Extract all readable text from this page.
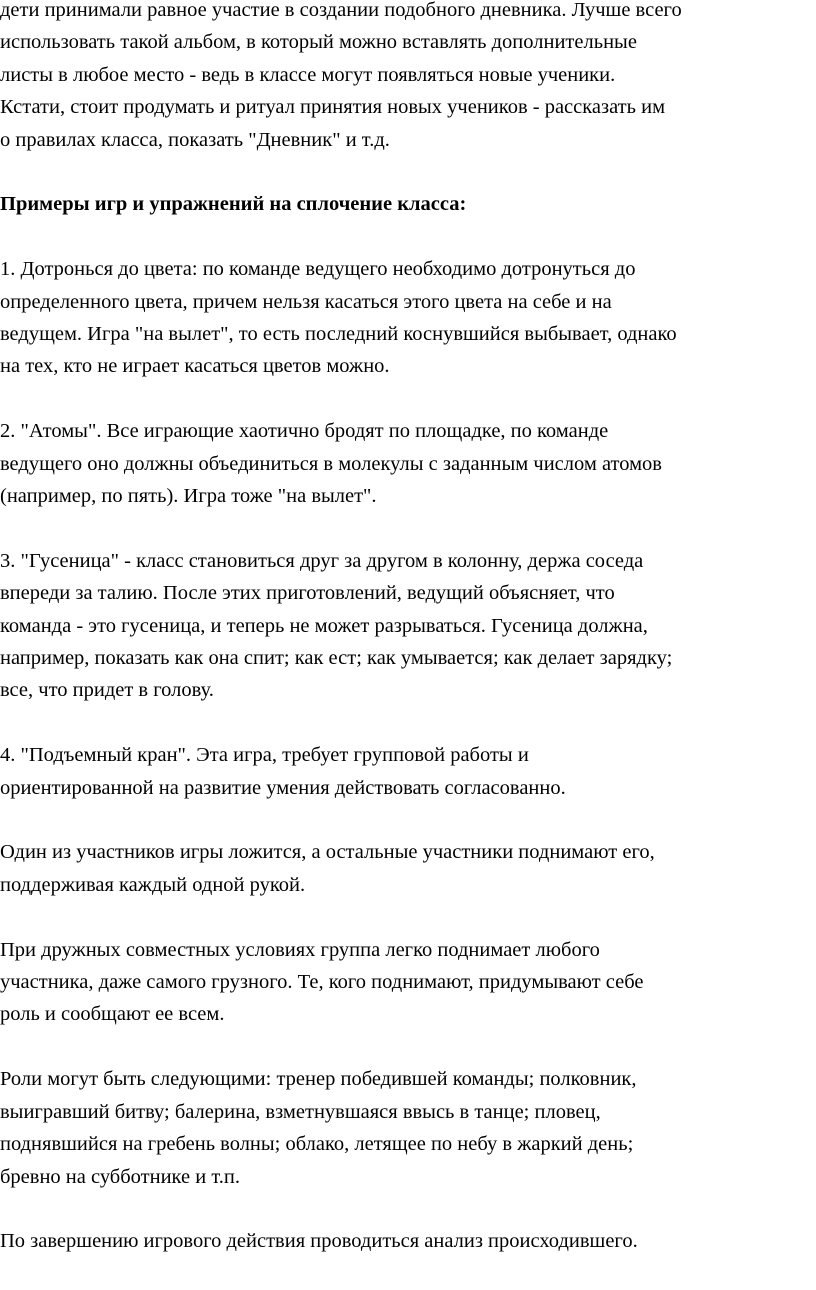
дети принимали равное участие в создании подобного дневника. Лучше всего
использовать такой альбом, в который можно вставлять дополнительные
листы в любое место - ведь в классе могут появляться новые ученики.
Кстати, стоит продумать и ритуал принятия новых учеников - рассказать им
о правилах класса, показать "Дневник" и т.д.

Примеры игр и упражнений на сплочение класса:

1. Дотронься до цвета: по команде ведущего необходимо дотронуться до
определенного цвета, причем нельзя касаться этого цвета на себе и на
ведущем. Игра "на вылет", то есть последний коснувшийся выбывает, однако
на тех, кто не играет касаться цветов можно.

2. "Атомы". Все играющие хаотично бродят по площадке, по команде
ведущего оно должны объединиться в молекулы с заданным числом атомов
(например, по пять). Игра тоже "на вылет".

3. "Гусеница" - класс становиться друг за другом в колонну, держа соседа
впереди за талию. После этих приготовлений, ведущий объясняет, что
команда - это гусеница, и теперь не может разрываться. Гусеница должна,
например, показать как она спит; как ест; как умывается; как делает зарядку;
все, что придет в голову.

4. "Подъемный кран". Эта игра, требует групповой работы и
ориентированной на развитие умения действовать согласованно.

Один из участников игры ложится, а остальные участники поднимают его,
поддерживая каждый одной рукой.

При дружных совместных условиях группа легко поднимает любого
участника, даже самого грузного. Те, кого поднимают, придумывают себе
роль и сообщают ее всем.

Роли могут быть следующими: тренер победившей команды; полковник,
выигравший битву; балерина, взметнувшаяся ввысь в танце; пловец,
поднявшийся на гребень волны; облако, летящее по небу в жаркий день;
бревно на субботнике и т.п.

По завершению игрового действия проводиться анализ происходившего.
